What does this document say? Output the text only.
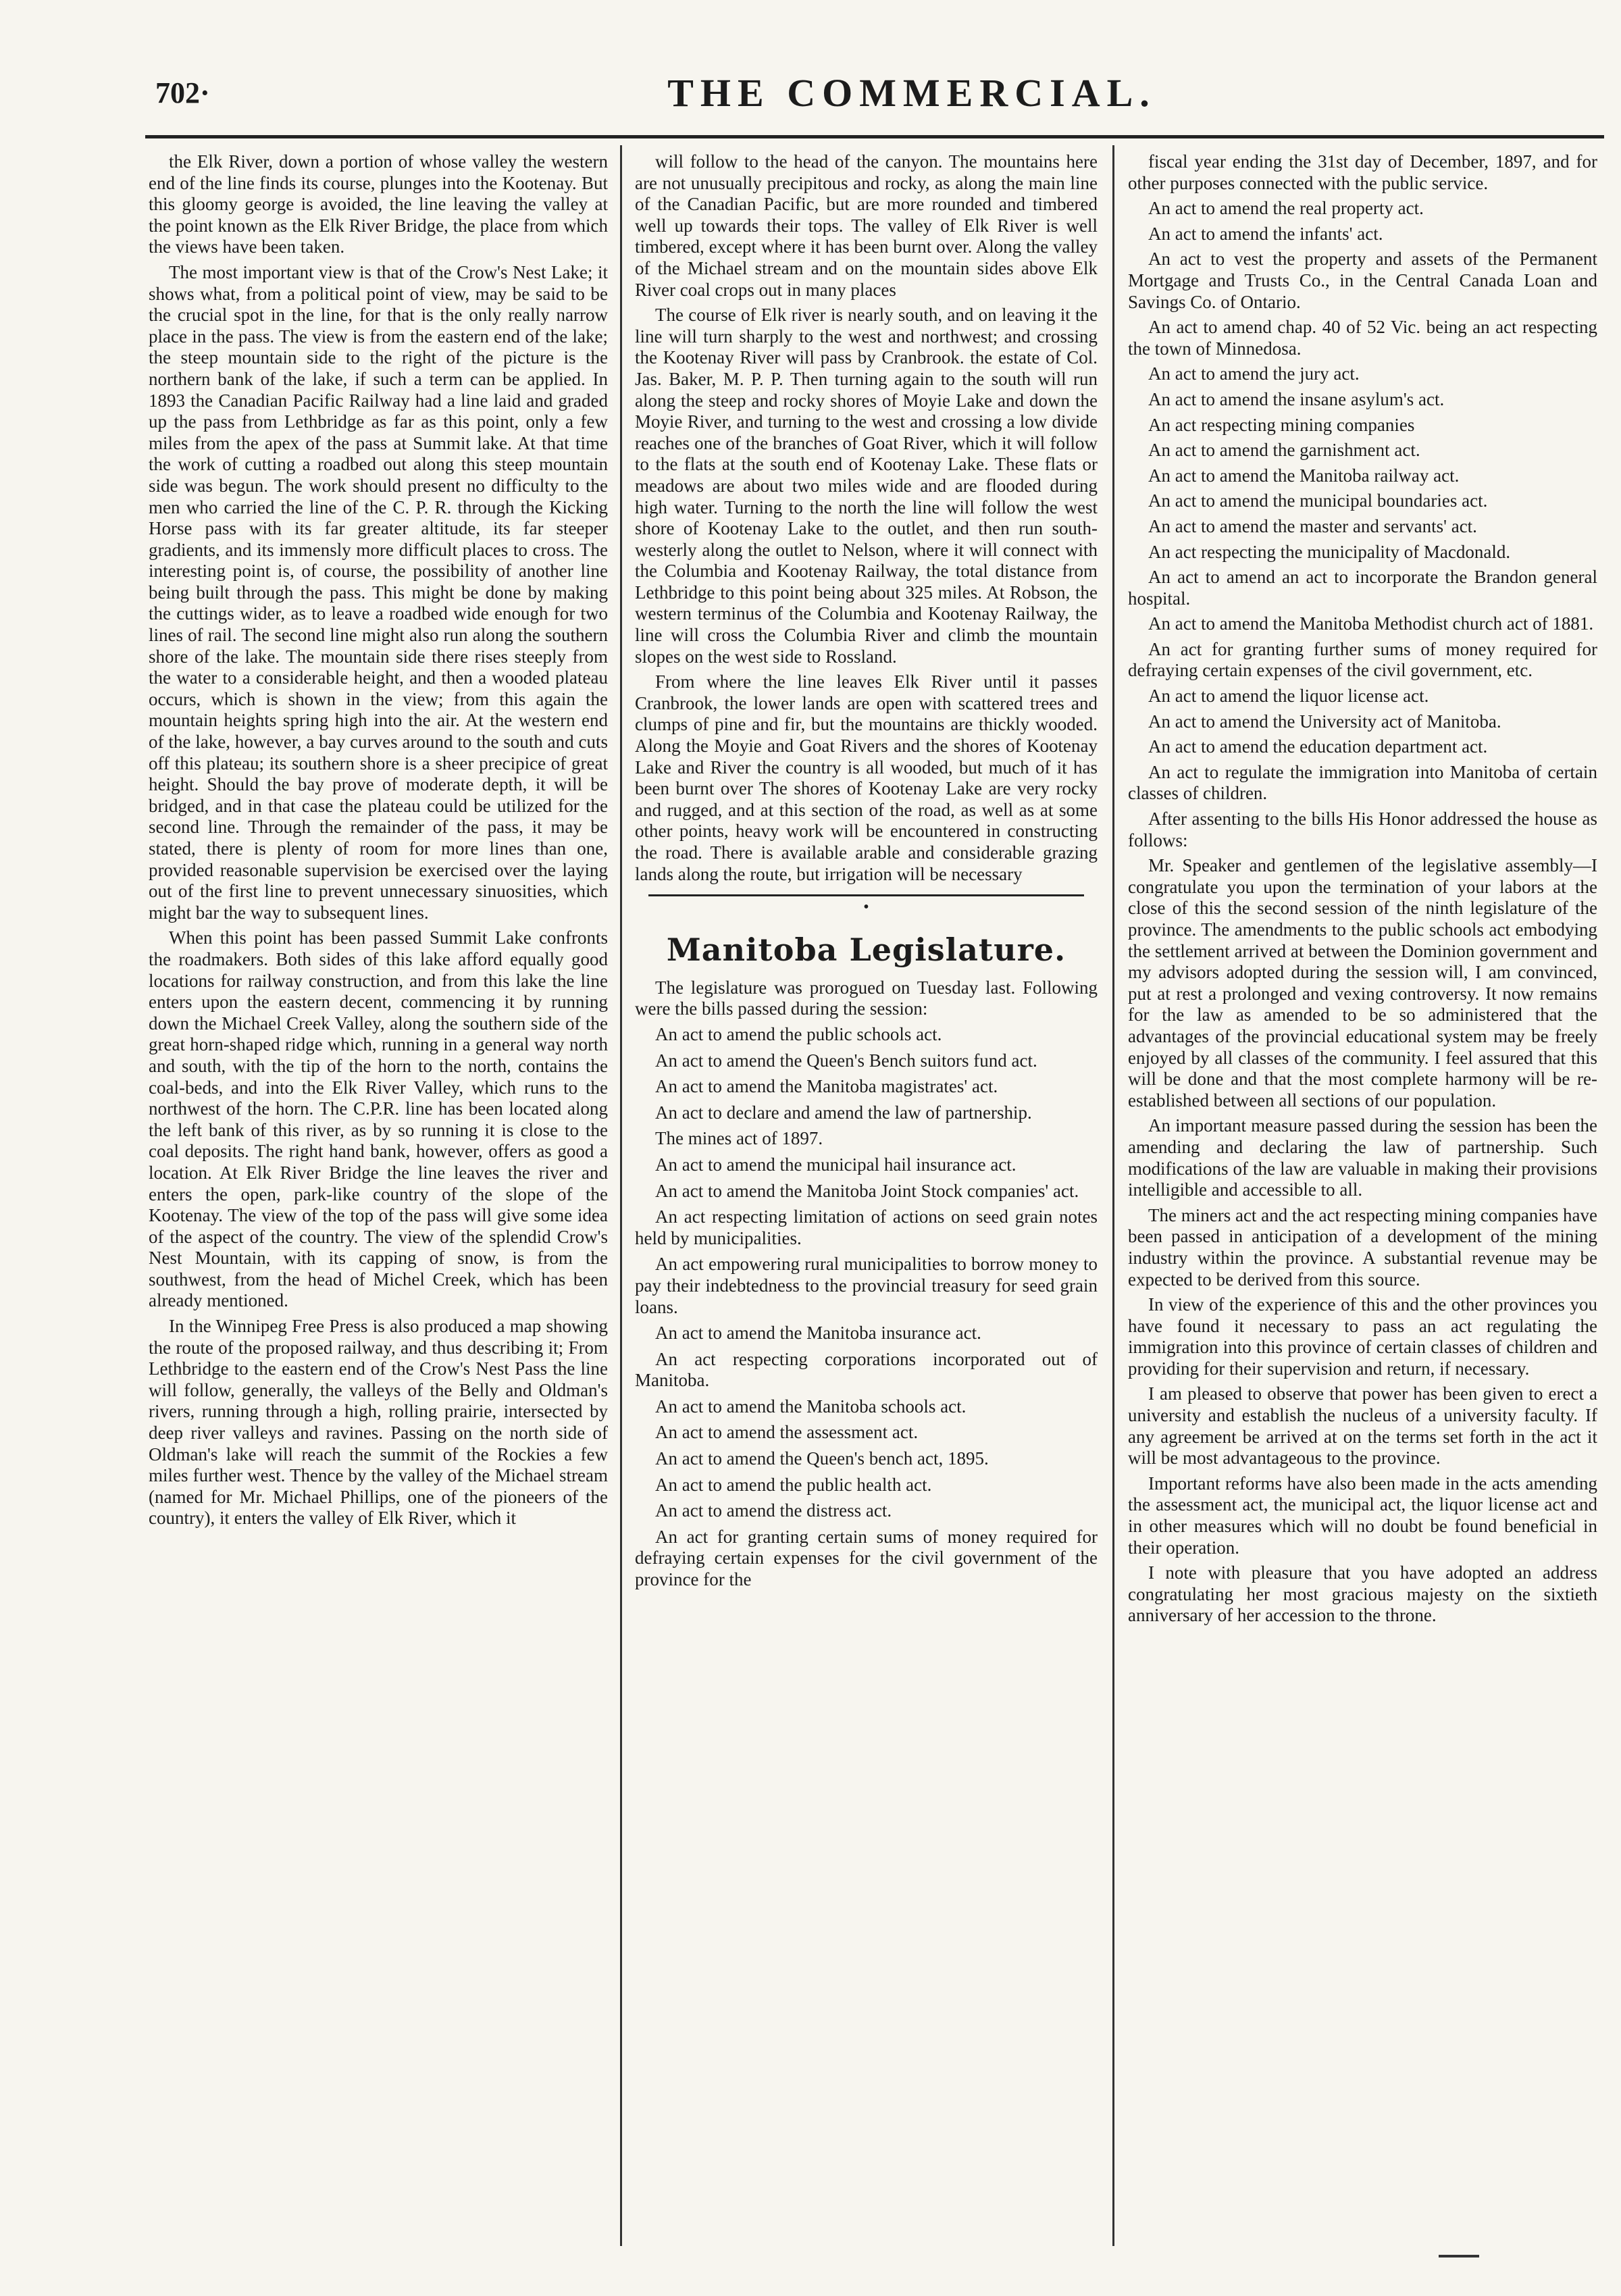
702·	THE COMMERCIAL.

the Elk River, down a portion of whose valley the western end of the line finds its course, plunges into the Kootenay. But this gloomy george is avoided, the line leaving the valley at the point known as the Elk River Bridge, the place from which the views have been taken.

The most important view is that of the Crow's Nest Lake; it shows what, from a political point of view, may be said to be the crucial spot in the line, for that is the only really narrow place in the pass. The view is from the eastern end of the lake; the steep mountain side to the right of the picture is the northern bank of the lake, if such a term can be applied. In 1893 the Canadian Pacific Railway had a line laid and graded up the pass from Lethbridge as far as this point, only a few miles from the apex of the pass at Summit lake. At that time the work of cutting a roadbed out along this steep mountain side was begun. The work should present no difficulty to the men who carried the line of the C. P. R. through the Kicking Horse pass with its far greater altitude, its far steeper gradients, and its immensly more difficult places to cross. The interesting point is, of course, the possibility of another line being built through the pass. This might be done by making the cuttings wider, as to leave a roadbed wide enough for two lines of rail. The second line might also run along the southern shore of the lake. The mountain side there rises steeply from the water to a considerable height, and then a wooded plateau occurs, which is shown in the view; from this again the mountain heights spring high into the air. At the western end of the lake, however, a bay curves around to the south and cuts off this plateau; its southern shore is a sheer precipice of great height. Should the bay prove of moderate depth, it will be bridged, and in that case the plateau could be utilized for the second line. Through the remainder of the pass, it may be stated, there is plenty of room for more lines than one, provided reasonable supervision be exercised over the laying out of the first line to prevent unnecessary sinuosities, which might bar the way to subsequent lines.

When this point has been passed Summit Lake confronts the roadmakers. Both sides of this lake afford equally good locations for railway construction, and from this lake the line enters upon the eastern decent, commencing it by running down the Michael Creek Valley, along the southern side of the great horn-shaped ridge which, running in a general way north and south, with the tip of the horn to the north, contains the coal-beds, and into the Elk River Valley, which runs to the northwest of the horn. The C.P.R. line has been located along the left bank of this river, as by so running it is close to the coal deposits. The right hand bank, however, offers as good a location. At Elk River Bridge the line leaves the river and enters the open, park-like country of the slope of the Kootenay. The view of the top of the pass will give some idea of the aspect of the country. The view of the splendid Crow's Nest Mountain, with its capping of snow, is from the southwest, from the head of Michel Creek, which has been already mentioned.

In the Winnipeg Free Press is also produced a map showing the route of the proposed railway, and thus describing it; From Lethbridge to the eastern end of the Crow's Nest Pass the line will follow, generally, the valleys of the Belly and Oldman's rivers, running through a high, rolling prairie, intersected by deep river valleys and ravines. Passing on the north side of Oldman's lake will reach the summit of the Rockies a few miles further west. Thence by the valley of the Michael stream (named for Mr. Michael Phillips, one of the pioneers of the country), it enters the valley of Elk River, which it

will follow to the head of the canyon. The mountains here are not unusually precipitous and rocky, as along the main line of the Canadian Pacific, but are more rounded and timbered well up towards their tops. The valley of Elk River is well timbered, except where it has been burnt over. Along the valley of the Michael stream and on the mountain sides above Elk River coal crops out in many places

The course of Elk river is nearly south, and on leaving it the line will turn sharply to the west and northwest; and crossing the Kootenay River will pass by Cranbrook. the estate of Col. Jas. Baker, M. P. P. Then turning again to the south will run along the steep and rocky shores of Moyie Lake and down the Moyie River, and turning to the west and crossing a low divide reaches one of the branches of Goat River, which it will follow to the flats at the south end of Kootenay Lake. These flats or meadows are about two miles wide and are flooded during high water. Turning to the north the line will follow the west shore of Kootenay Lake to the outlet, and then run south-westerly along the outlet to Nelson, where it will connect with the Columbia and Kootenay Railway, the total distance from Lethbridge to this point being about 325 miles. At Robson, the western terminus of the Columbia and Kootenay Railway, the line will cross the Columbia River and climb the mountain slopes on the west side to Rossland.

From where the line leaves Elk River until it passes Cranbrook, the lower lands are open with scattered trees and clumps of pine and fir, but the mountains are thickly wooded. Along the Moyie and Goat Rivers and the shores of Kootenay Lake and River the country is all wooded, but much of it has been burnt over The shores of Kootenay Lake are very rocky and rugged, and at this section of the road, as well as at some other points, heavy work will be encountered in constructing the road. There is available arable and considerable grazing lands along the route, but irrigation will be necessary

•
Manitoba Legislature.

The legislature was prorogued on Tuesday last. Following were the bills passed during the session:

An act to amend the public schools act.

An act to amend the Queen's Bench suitors fund act.

An act to amend the Manitoba magistrates' act.

An act to declare and amend the law of partnership.

The mines act of 1897.

An act to amend the municipal hail insurance act.

An act to amend the Manitoba Joint Stock companies' act.

An act respecting limitation of actions on seed grain notes held by municipalities.

An act empowering rural municipalities to borrow money to pay their indebtedness to the provincial treasury for seed grain loans.

An act to amend the Manitoba insurance act.

An act respecting corporations incorporated out of Manitoba.

An act to amend the Manitoba schools act.

An act to amend the assessment act.

An act to amend the Queen's bench act, 1895.

An act to amend the public health act.

An act to amend the distress act.

An act for granting certain sums of money required for defraying certain expenses for the civil government of the province for the

fiscal year ending the 31st day of December, 1897, and for other purposes connected with the public service.

An act to amend the real property act.

An act to amend the infants' act.

An act to vest the property and assets of the Permanent Mortgage and Trusts Co., in the Central Canada Loan and Savings Co. of Ontario.

An act to amend chap. 40 of 52 Vic. being an act respecting the town of Minnedosa.

An act to amend the jury act.

An act to amend the insane asylum's act.

An act respecting mining companies

An act to amend the garnishment act.

An act to amend the Manitoba railway act.

An act to amend the municipal boundaries act.

An act to amend the master and servants' act.

An act respecting the municipality of Macdonald.

An act to amend an act to incorporate the Brandon general hospital.

An act to amend the Manitoba Methodist church act of 1881.

An act for granting further sums of money required for defraying certain expenses of the civil government, etc.

An act to amend the liquor license act.

An act to amend the University act of Manitoba.

An act to amend the education department act.

An act to regulate the immigration into Manitoba of certain classes of children.

After assenting to the bills His Honor addressed the house as follows:

Mr. Speaker and gentlemen of the legislative assembly—I congratulate you upon the termination of your labors at the close of this the second session of the ninth legislature of the province. The amendments to the public schools act embodying the settlement arrived at between the Dominion government and my advisors adopted during the session will, I am convinced, put at rest a prolonged and vexing controversy. It now remains for the law as amended to be so administered that the advantages of the provincial educational system may be freely enjoyed by all classes of the community. I feel assured that this will be done and that the most complete harmony will be re-established between all sections of our population.

An important measure passed during the session has been the amending and declaring the law of partnership. Such modifications of the law are valuable in making their provisions intelligible and accessible to all.

The miners act and the act respecting mining companies have been passed in anticipation of a development of the mining industry within the province. A substantial revenue may be expected to be derived from this source.

In view of the experience of this and the other provinces you have found it necessary to pass an act regulating the immigration into this province of certain classes of children and providing for their supervision and return, if necessary.

I am pleased to observe that power has been given to erect a university and establish the nucleus of a university faculty. If any agreement be arrived at on the terms set forth in the act it will be most advantageous to the province.

Important reforms have also been made in the acts amending the assessment act, the municipal act, the liquor license act and in other measures which will no doubt be found beneficial in their operation.

I note with pleasure that you have adopted an address congratulating her most gracious majesty on the sixtieth anniversary of her accession to the throne.
